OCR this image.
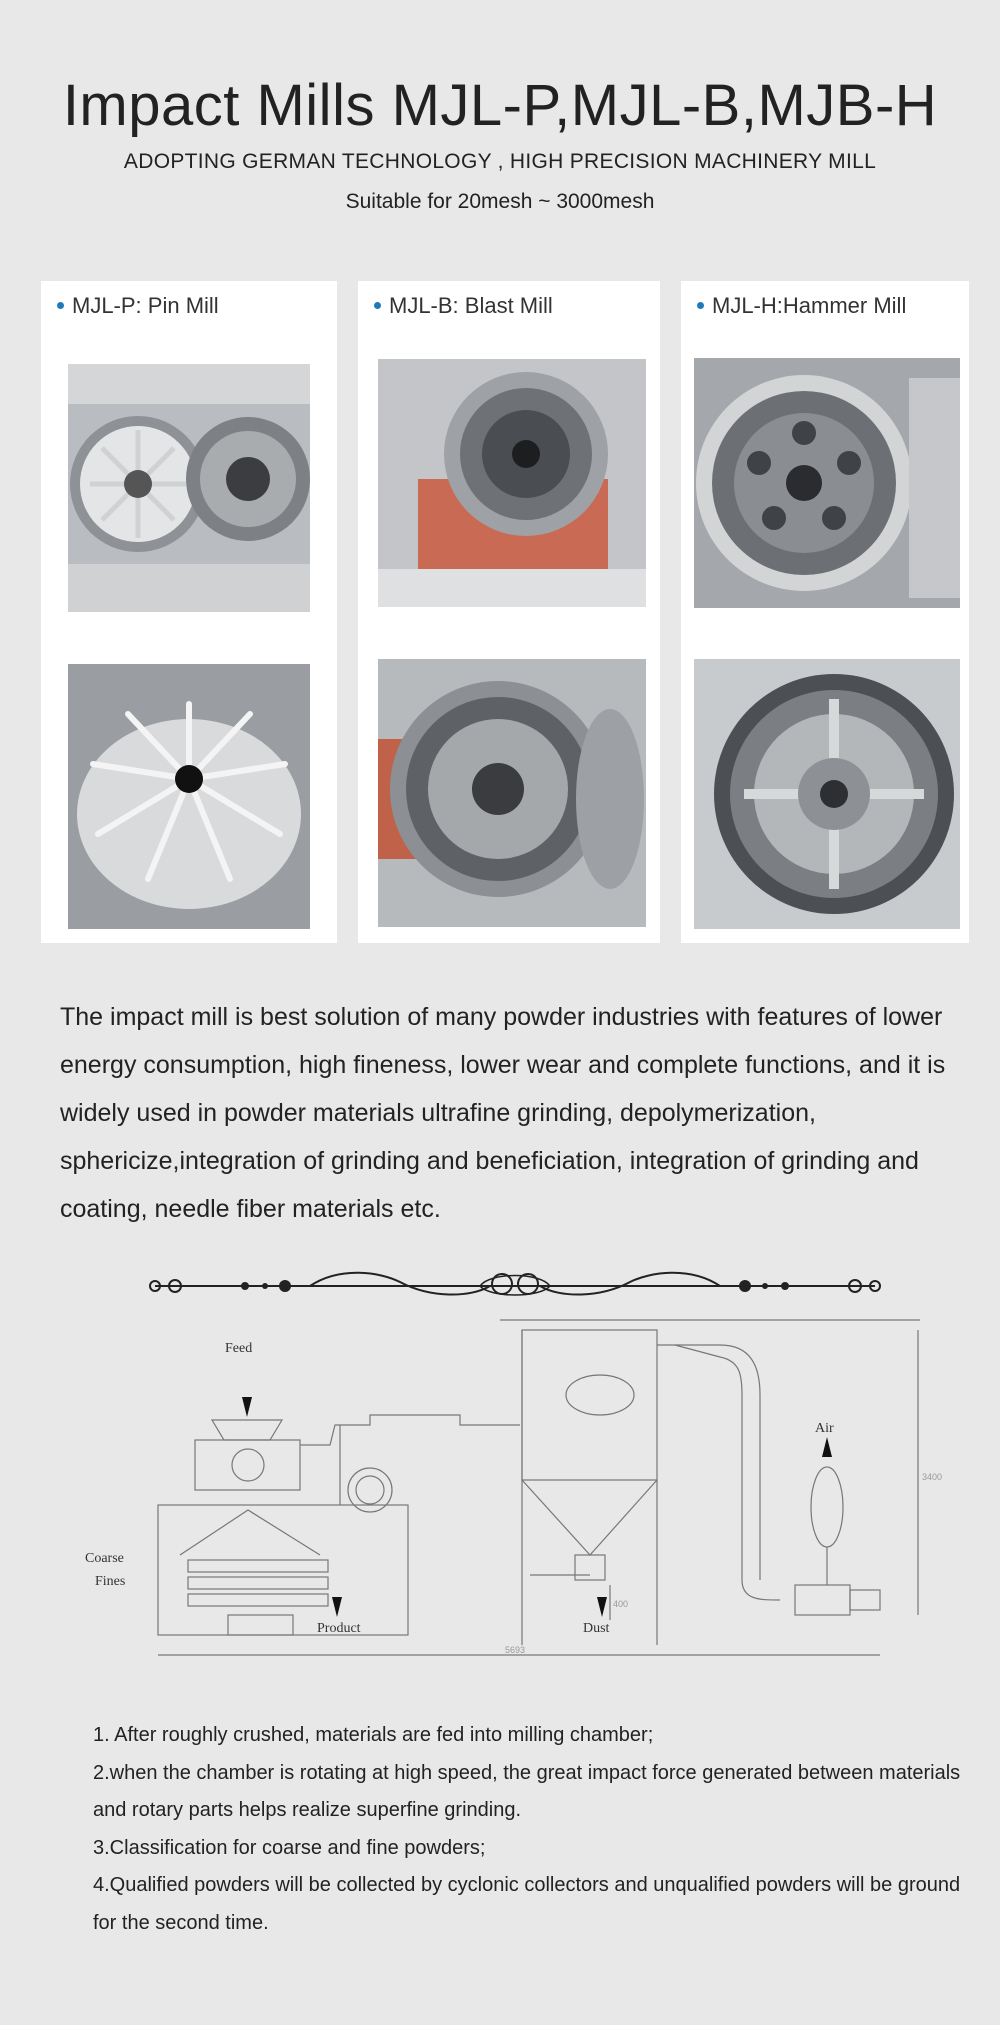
Impact Mills MJL-P,MJL-B,MJB-H
ADOPTING GERMAN TECHNOLOGY , HIGH PRECISION MACHINERY MILL
Suitable for 20mesh ~ 3000mesh
MJL-P: Pin Mill	MJL-B: Blast Mill	MJL-H:Hammer Mill
The impact mill is best solution of many powder industries with features of lower energy consumption, high fineness, lower wear and complete functions, and it is widely used in powder materials ultrafine grinding, depolymerization, sphericize,integration of grinding and beneficiation, integration of grinding and coating, needle fiber materials etc.
Feed
Air
Coarse
Fines
Product	Dust
5693
3400
400

1. After roughly crushed, materials are fed into milling chamber;

2.when the chamber is rotating at high speed, the great impact force generated between materials and rotary parts helps realize superfine grinding.

3.Classification for coarse and fine powders;

4.Qualified powders will be collected by cyclonic collectors and unqualified powders will be ground for the second time.
